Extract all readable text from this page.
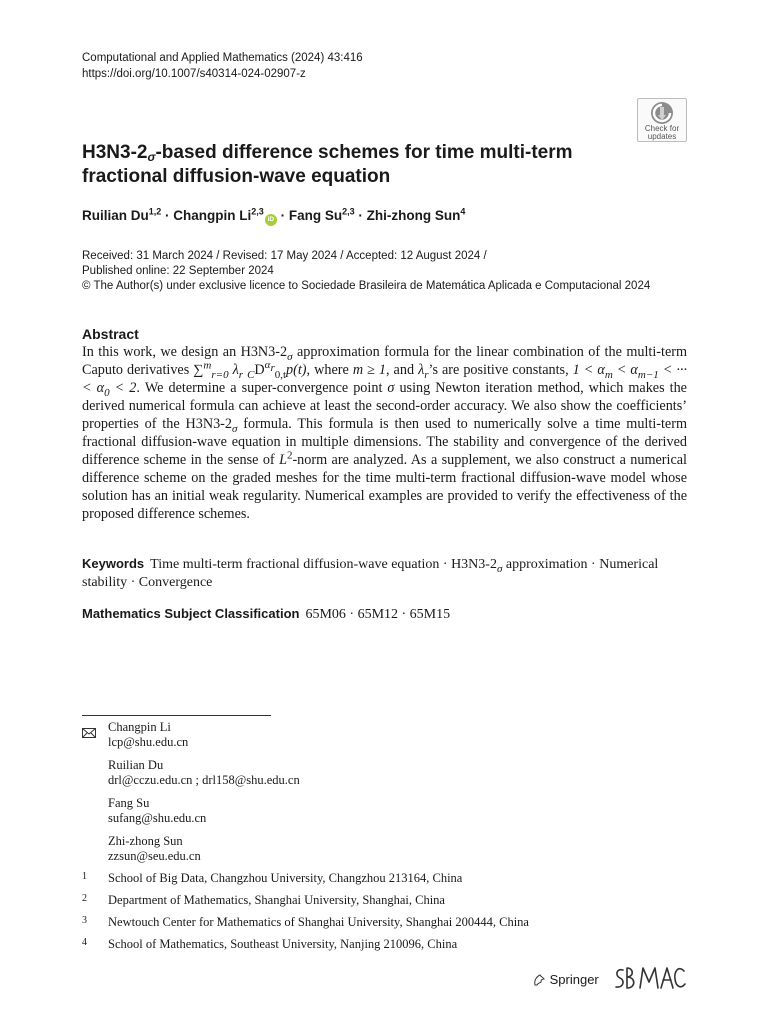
Computational and Applied Mathematics (2024) 43:416
https://doi.org/10.1007/s40314-024-02907-z
Check for
updates
$H3N3-2_\sigma$-based difference schemes for time multi-term
fractional diffusion-wave equation
Ruilian Du$^{1,2}$ · Changpin Li$^{2,3}$iD · Fang Su$^{2,3}$ · Zhi-zhong Sun$^4$
Received: 31 March 2024 / Revised: 17 May 2024 / Accepted: 12 August 2024 /
Published online: 22 September 2024
© The Author(s) under exclusive licence to Sociedade Brasileira de Matemática Aplicada e Computacional 2024
Abstract
In this work, we design an $H3N3-2_\sigma$ approximation formula for the linear combination of the multi-term Caputo derivatives ∑$^m_{r=0}$ $\lambda_r$ $_CD^{\alpha_r}_{0,t}p(t)$, where m ≥ 1, and $\lambda_r’s$ are positive constants, $1 < \alpha_m < \alpha_{m-1}$ < ··· < $\alpha_0 < 2$. We determine a super-convergence point σ using Newton iteration method, which makes the derived numerical formula can achieve at least the second-order accuracy. We also show the coefficients’ properties of the $H3N3-2_\sigma$ formula. This formula is then used to numerically solve a time multi-term fractional diffusion-wave equation in multiple dimensions. The stability and convergence of the derived difference scheme in the sense of $L^2$-norm are analyzed. As a supplement, we also construct a numerical difference scheme on the graded meshes for the time multi-term fractional diffusion-wave model whose solution has an initial weak regularity. Numerical examples are provided to verify the effectiveness of the proposed difference schemes.
Keywords Time multi-term fractional diffusion-wave equation · $H3N3-2_\sigma$ approximation · Numerical stability · Convergence
Mathematics Subject Classification 65M06 · 65M12 · 65M15
Changpin Li
lcp@shu.edu.cn
Ruilian Du
drl@cczu.edu.cn ; drl158@shu.edu.cn
Fang Su
sufang@shu.edu.cn
Zhi-zhong Sun
zzsun@seu.edu.cn
1 School of Big Data, Changzhou University, Changzhou 213164, China
2 Department of Mathematics, Shanghai University, Shanghai, China
3 Newtouch Center for Mathematics of Shanghai University, Shanghai 200444, China
4 School of Mathematics, Southeast University, Nanjing 210096, China
Springer
